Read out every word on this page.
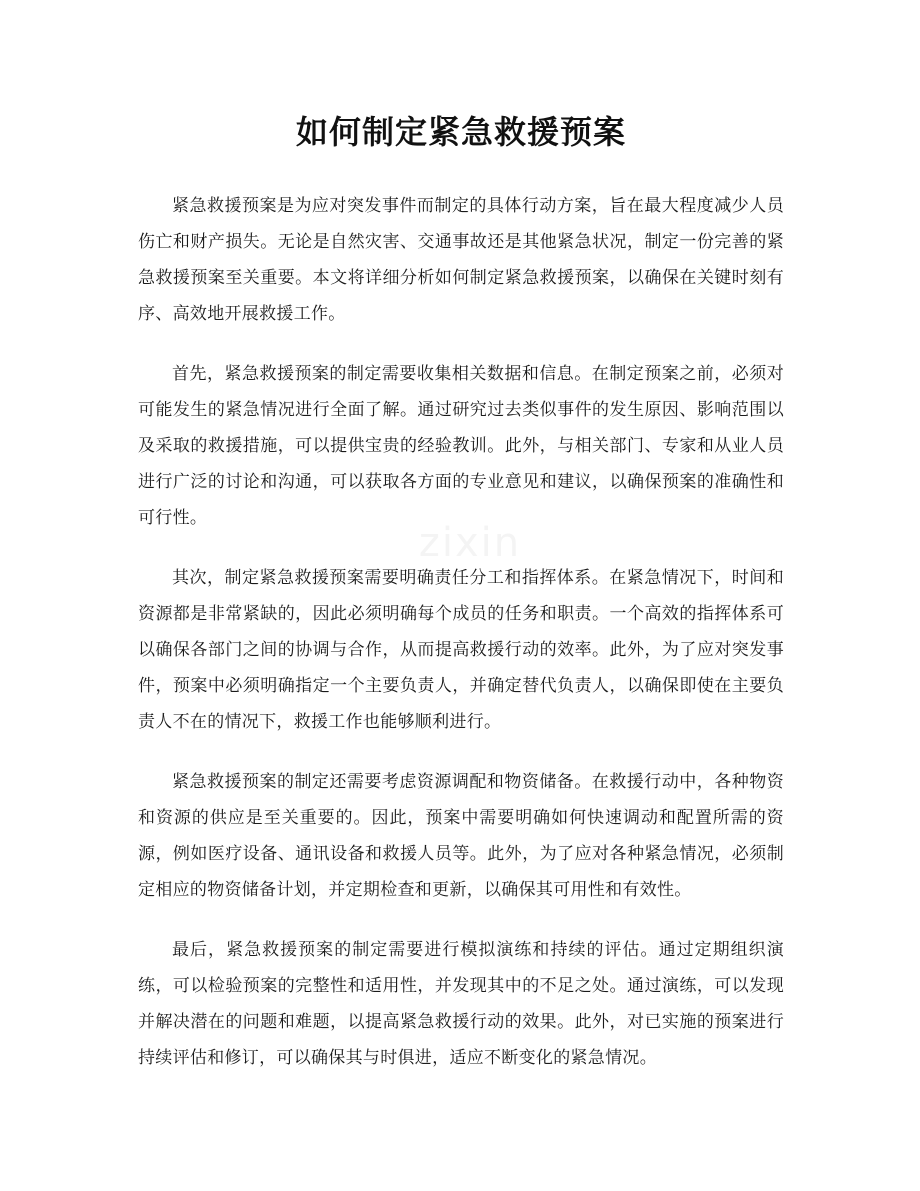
如何制定紧急救援预案

紧急救援预案是为应对突发事件而制定的具体行动方案，旨在最大程度减少人员伤亡和财产损失。无论是自然灾害、交通事故还是其他紧急状况，制定一份完善的紧急救援预案至关重要。本文将详细分析如何制定紧急救援预案，以确保在关键时刻有序、高效地开展救援工作。

首先，紧急救援预案的制定需要收集相关数据和信息。在制定预案之前，必须对可能发生的紧急情况进行全面了解。通过研究过去类似事件的发生原因、影响范围以及采取的救援措施，可以提供宝贵的经验教训。此外，与相关部门、专家和从业人员进行广泛的讨论和沟通，可以获取各方面的专业意见和建议，以确保预案的准确性和可行性。

其次，制定紧急救援预案需要明确责任分工和指挥体系。在紧急情况下，时间和资源都是非常紧缺的，因此必须明确每个成员的任务和职责。一个高效的指挥体系可以确保各部门之间的协调与合作，从而提高救援行动的效率。此外，为了应对突发事件，预案中必须明确指定一个主要负责人，并确定替代负责人，以确保即使在主要负责人不在的情况下，救援工作也能够顺利进行。

紧急救援预案的制定还需要考虑资源调配和物资储备。在救援行动中，各种物资和资源的供应是至关重要的。因此，预案中需要明确如何快速调动和配置所需的资源，例如医疗设备、通讯设备和救援人员等。此外，为了应对各种紧急情况，必须制定相应的物资储备计划，并定期检查和更新，以确保其可用性和有效性。

最后，紧急救援预案的制定需要进行模拟演练和持续的评估。通过定期组织演练，可以检验预案的完整性和适用性，并发现其中的不足之处。通过演练，可以发现并解决潜在的问题和难题，以提高紧急救援行动的效果。此外，对已实施的预案进行持续评估和修订，可以确保其与时俱进，适应不断变化的紧急情况。

zixin
